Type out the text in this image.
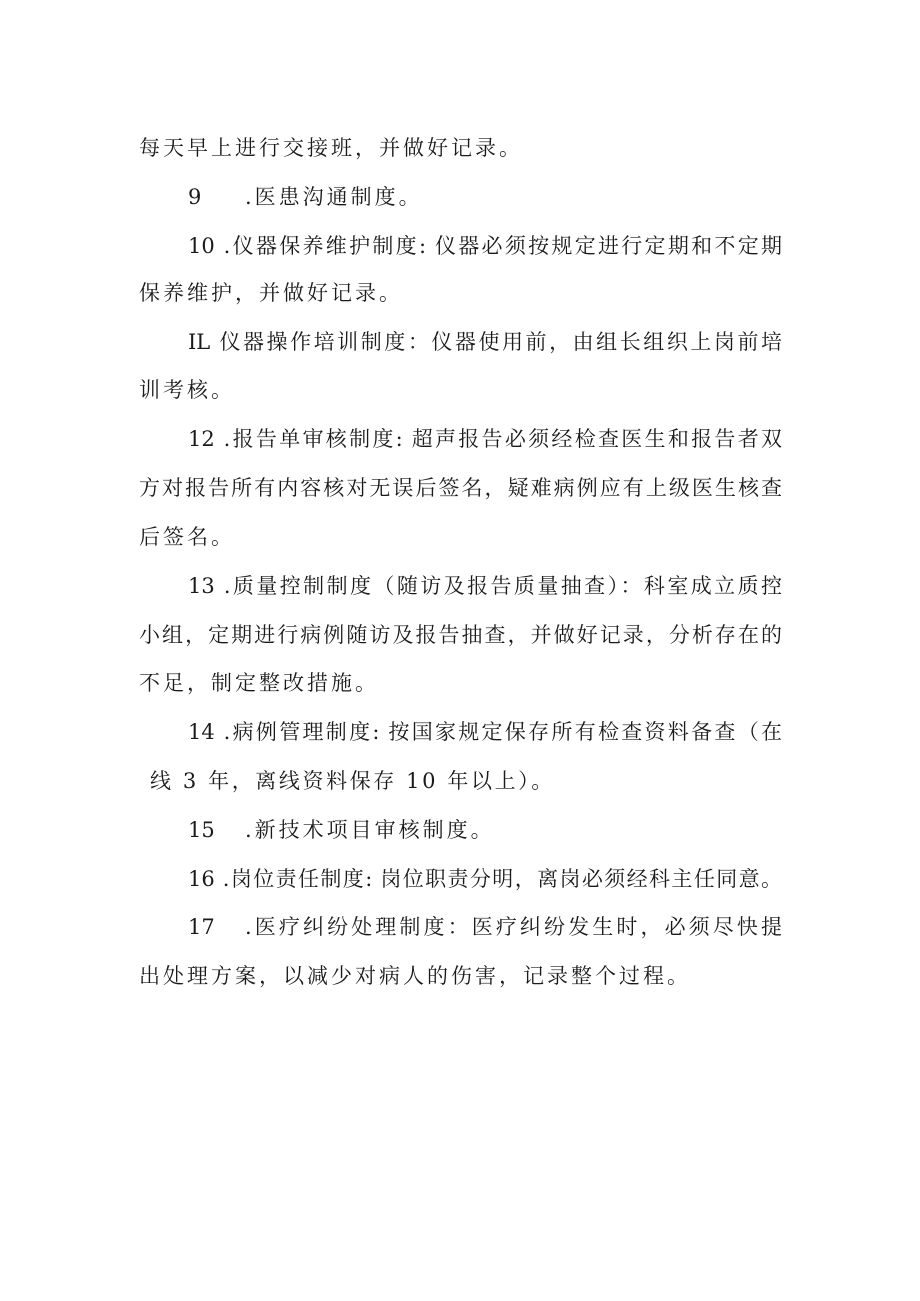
每天早上进行交接班，并做好记录。
9 .医患沟通制度。
10 .仪器保养维护制度: 仪器必须按规定进行定期和不定期
保养维护，并做好记录。
IL 仪器操作培训制度：仪器使用前，由组长组织上岗前培
训考核。
12 .报告单审核制度: 超声报告必须经检查医生和报告者双
方对报告所有内容核对无误后签名，疑难病例应有上级医生核查
后签名。
13 .质量控制制度（随访及报告质量抽查）：科室成立质控
小组，定期进行病例随访及报告抽查，并做好记录，分析存在的
不足，制定整改措施。
14 .病例管理制度: 按国家规定保存所有检查资料备查（在
线 3 年，离线资料保存 10 年以上）。
15 .新技术项目审核制度。
16 .岗位责任制度: 岗位职责分明，离岗必须经科主任同意。
17	.医疗纠纷处理制度：医疗纠纷发生时，必须尽快提
出处理方案，以减少对病人的伤害，记录整个过程。
